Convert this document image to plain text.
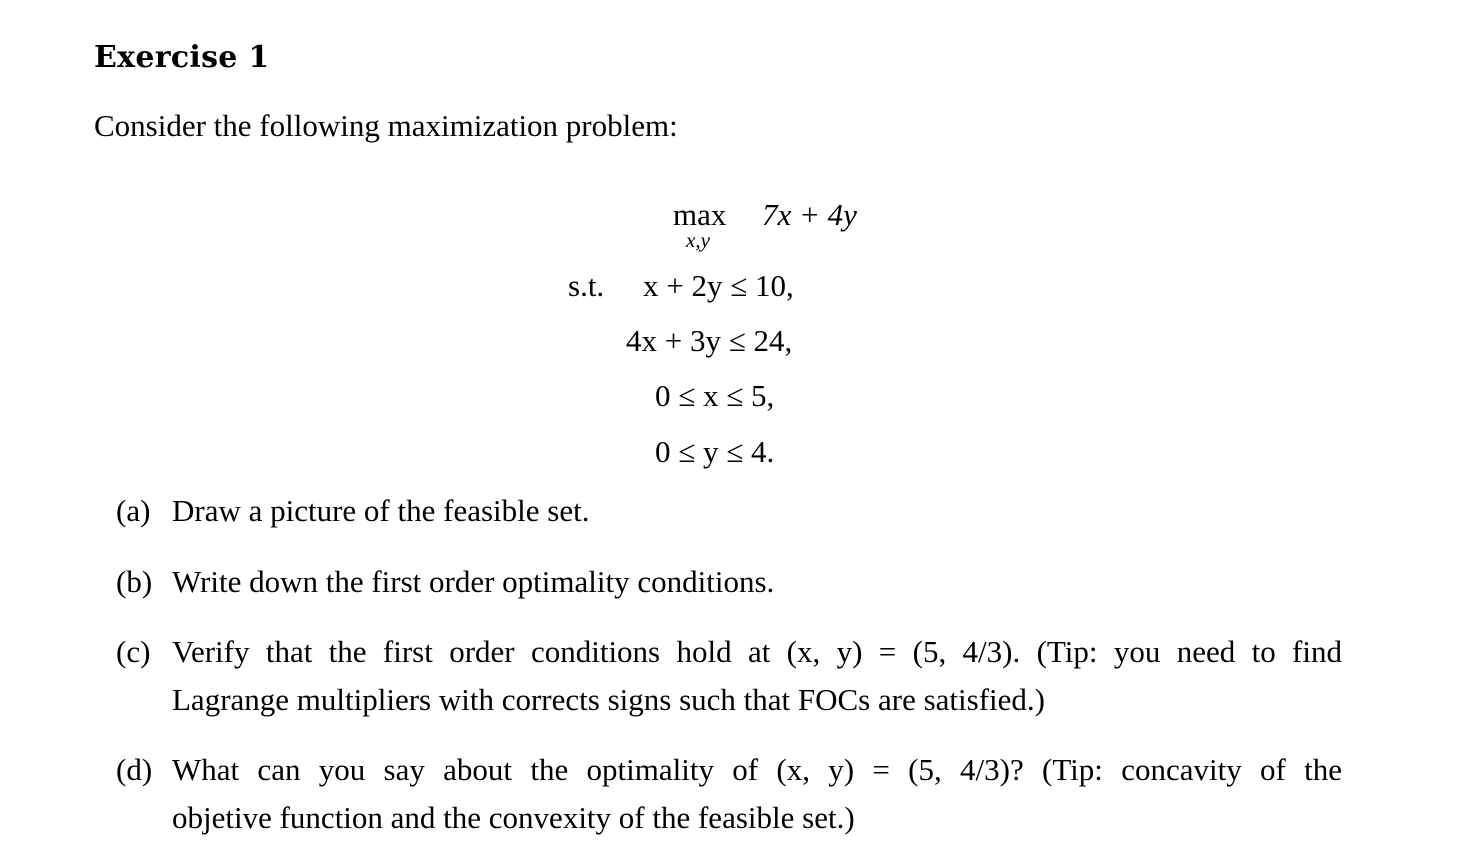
Exercise 1
Consider the following maximization problem:
max
x,y
7x + 4y
s.t. x + 2y ≤ 10,
4x + 3y ≤ 24,
0 ≤ x ≤ 5,
0 ≤ y ≤ 4.
(a) Draw a picture of the feasible set.
(b) Write down the first order optimality conditions.
(c) Verify that the first order conditions hold at (x, y) = (5, 4/3). (Tip: you need to find
Lagrange multipliers with corrects signs such that FOCs are satisfied.)
(d) What can you say about the optimality of (x, y) = (5, 4/3)? (Tip: concavity of the
objetive function and the convexity of the feasible set.)
